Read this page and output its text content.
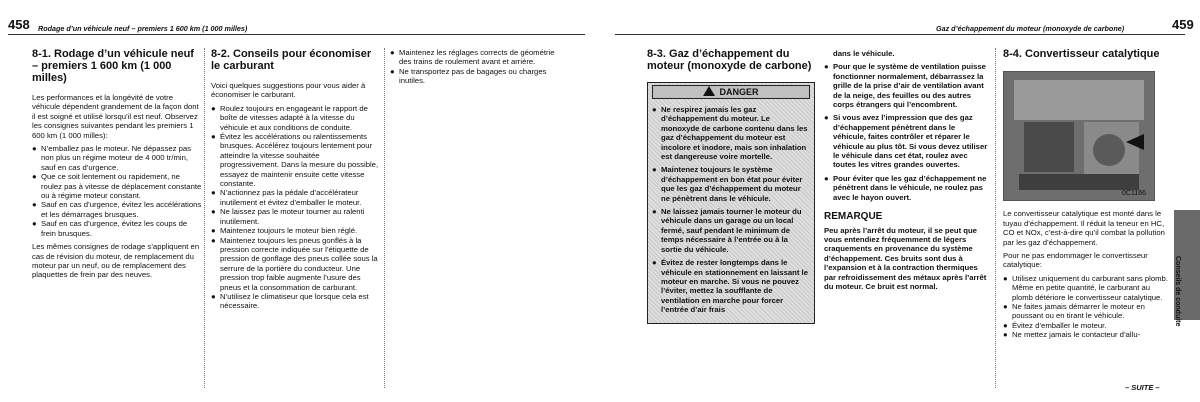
458 Rodage d’un véhicule neuf – premiers 1 600 km (1 000 milles)
8-1. Rodage d’un véhicule neuf – premiers 1 600 km (1 000 milles)

Les performances et la longévité de votre véhicule dépendent grandement de la façon dont il est soigné et utilisé lorsqu’il est neuf. Observez les consignes suivantes pendant les premiers 1 600 km (1 000 milles):

● N’emballez pas le moteur. Ne dépassez pas non plus un régime moteur de 4 000 tr/min, sauf en cas d’urgence.
● Que ce soit lentement ou rapidement, ne roulez pas à vitesse de déplacement constante ou à régime moteur constant.
● Sauf en cas d’urgence, évitez les accélérations et les démarrages brusques.
● Sauf en cas d’urgence, évitez les coups de frein brusques.

Les mêmes consignes de rodage s’appliquent en cas de révision du moteur, de remplacement du moteur par un neuf, ou de remplacement des plaquettes de frein par des neuves.

8-2. Conseils pour économiser le carburant

Voici quelques suggestions pour vous aider à économiser le carburant.

● Roulez toujours en engageant le rapport de boîte de vitesses adapté à la vitesse du véhicule et aux conditions de conduite.
● Évitez les accélérations ou ralentissements brusques. Accélérez toujours lentement pour atteindre la vitesse souhaitée progressivement. Dans la mesure du possible, essayez de maintenir ensuite cette vitesse constante.
● N’actionnez pas la pédale d’accélérateur inutilement et évitez d’emballer le moteur.
● Ne laissez pas le moteur tourner au ralenti inutilement.
● Maintenez toujours le moteur bien réglé.
● Maintenez toujours les pneus gonflés à la pression correcte indiquée sur l’étiquette de pression de gonflage des pneus collée sous la serrure de la portière du conducteur. Une pression trop faible augmente l’usure des pneus et la consommation de carburant.
● N’utilisez le climatiseur que lorsque cela est nécessaire.
● Maintenez les réglages corrects de géométrie des trains de roulement avant et arrière.
● Ne transportez pas de bagages ou charges inutiles.
Gaz d’échappement du moteur (monoxyde de carbone)	459
8-3. Gaz d’échappement du moteur (monoxyde de carbone)
DANGER
● Ne respirez jamais les gaz d’échappement du moteur. Le monoxyde de carbone contenu dans les gaz d’échappement du moteur est incolore et inodore, mais son inhalation est dangereuse voire mortelle.
● Maintenez toujours le système d’échappement en bon état pour éviter que les gaz d’échappement du moteur ne pénètrent dans le véhicule.
● Ne laissez jamais tourner le moteur du véhicule dans un garage ou un local fermé, sauf pendant le minimum de temps nécessaire à l’entrée ou à la sortie du véhicule.
● Évitez de rester longtemps dans le véhicule en stationnement en laissant le moteur en marche. Si vous ne pouvez l’éviter, mettez la soufflante de ventilation en marche pour forcer l’entrée d’air frais

dans le véhicule.

● Pour que le système de ventilation puisse fonctionner normalement, débarrassez la grille de la prise d’air de ventilation avant de la neige, des feuilles ou des autres corps étrangers qui l’encombrent.
● Si vous avez l’impression que des gaz d’échappement pénètrent dans le véhicule, faites contrôler et réparer le véhicule au plus tôt. Si vous devez utiliser le véhicule dans cet état, roulez avec toutes les vitres grandes ouvertes.
● Pour éviter que les gaz d’échappement ne pénètrent dans le véhicule, ne roulez pas avec le hayon ouvert.
REMARQUE

Peu après l’arrêt du moteur, il se peut que vous entendiez fréquemment de légers craquements en provenance du système d’échappement. Ces bruits sont dus à l’expansion et à la contraction thermiques par refroidissement des métaux après l’arrêt du moteur. Ce bruit est normal.

8-4. Convertisseur catalytique
0C1166

Le convertisseur catalytique est monté dans le tuyau d’échappement. Il réduit la teneur en HC, CO et NOx, c’est-à-dire qu’il combat la pollution par les gaz d’échappement.

Pour ne pas endommager le convertisseur catalytique:

● Utilisez uniquement du carburant sans plomb. Même en petite quantité, le carburant au plomb détériore le convertisseur catalytique.
● Ne faites jamais démarrer le moteur en poussant ou en tirant le véhicule.
● Évitez d’emballer le moteur.
● Ne mettez jamais le contacteur d’allu-
Conseils de conduite
– SUITE –
